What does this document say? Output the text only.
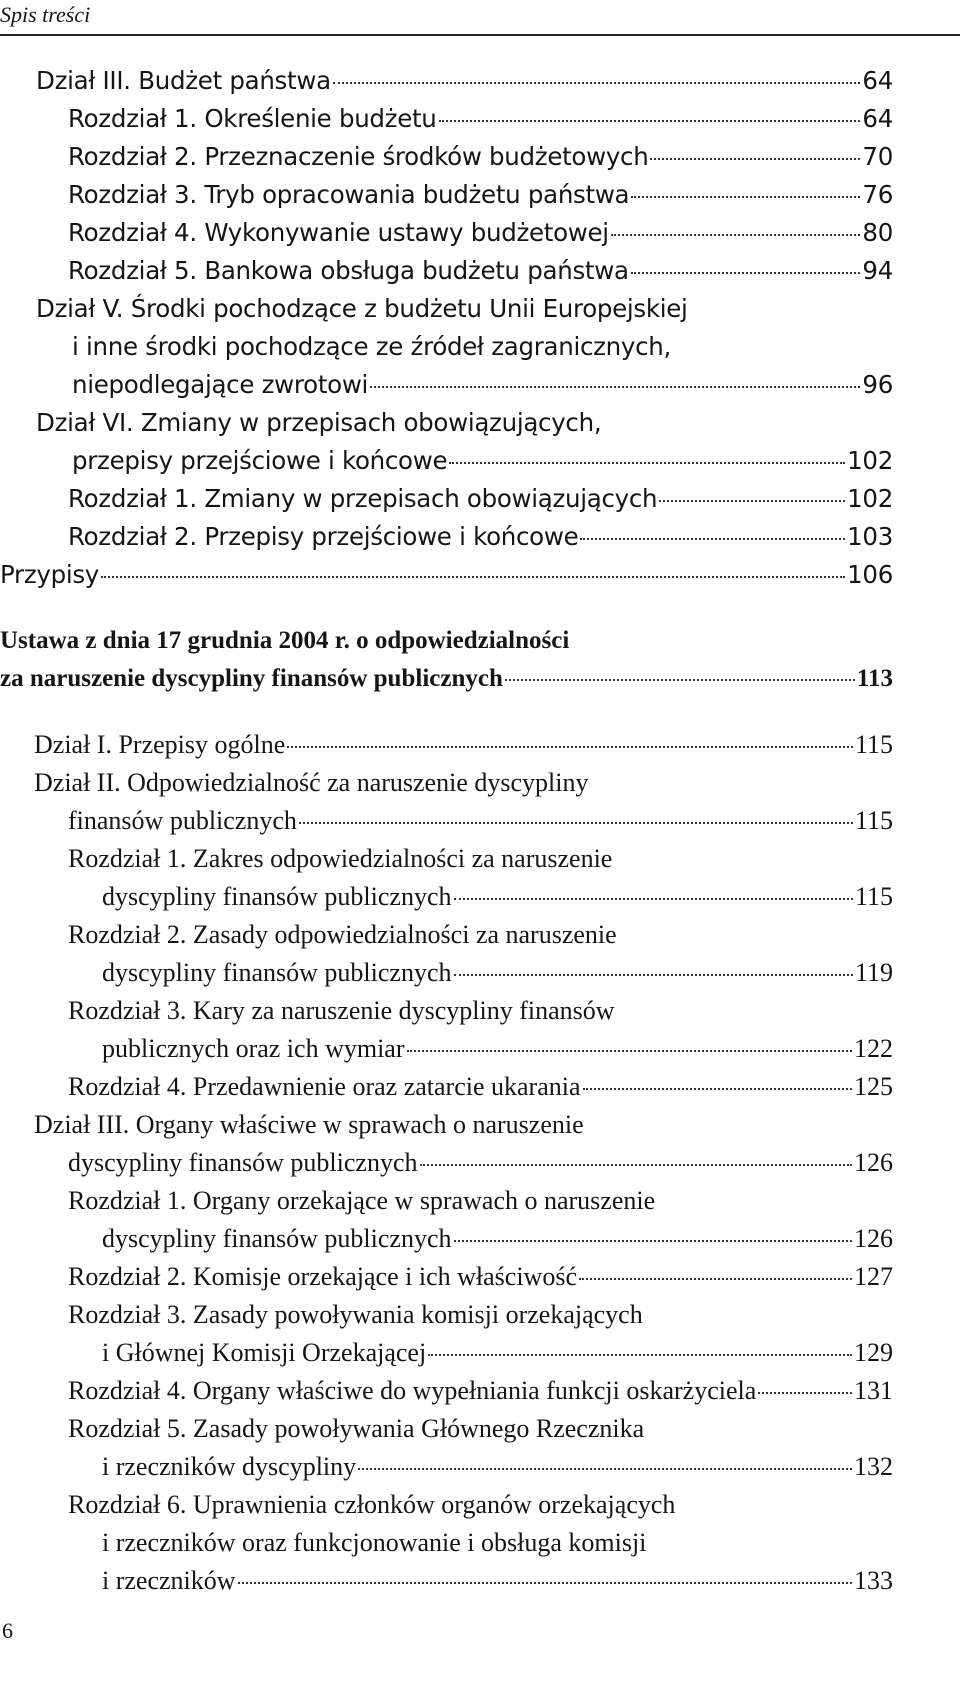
Spis treści
Dział III. Budżet państwa	64
Rozdział 1. Określenie budżetu	64
Rozdział 2. Przeznaczenie środków budżetowych	70
Rozdział 3. Tryb opracowania budżetu państwa	76
Rozdział 4. Wykonywanie ustawy budżetowej	80
Rozdział 5. Bankowa obsługa budżetu państwa	94
Dział V. Środki pochodzące z budżetu Unii Europejskiej
i inne środki pochodzące ze źródeł zagranicznych,
niepodlegające zwrotowi	96
Dział VI. Zmiany w przepisach obowiązujących,
przepisy przejściowe i końcowe	102
Rozdział 1. Zmiany w przepisach obowiązujących	102
Rozdział 2. Przepisy przejściowe i końcowe	103
Przypisy	106
Ustawa z dnia 17 grudnia 2004 r. o odpowiedzialności
za naruszenie dyscypliny finansów publicznych	113
Dział I. Przepisy ogólne	115
Dział II. Odpowiedzialność za naruszenie dyscypliny
finansów publicznych	115
Rozdział 1. Zakres odpowiedzialności za naruszenie
dyscypliny finansów publicznych	115
Rozdział 2. Zasady odpowiedzialności za naruszenie
dyscypliny finansów publicznych	119
Rozdział 3. Kary za naruszenie dyscypliny finansów
publicznych oraz ich wymiar	122
Rozdział 4. Przedawnienie oraz zatarcie ukarania	125
Dział III. Organy właściwe w sprawach o naruszenie
dyscypliny finansów publicznych	126
Rozdział 1. Organy orzekające w sprawach o naruszenie
dyscypliny finansów publicznych	126
Rozdział 2. Komisje orzekające i ich właściwość	127
Rozdział 3. Zasady powoływania komisji orzekających
i Głównej Komisji Orzekającej	129
Rozdział 4. Organy właściwe do wypełniania funkcji oskarżyciela	131
Rozdział 5. Zasady powoływania Głównego Rzecznika
i rzeczników dyscypliny	132
Rozdział 6. Uprawnienia członków organów orzekających
i rzeczników oraz funkcjonowanie i obsługa komisji
i rzeczników	133
6
